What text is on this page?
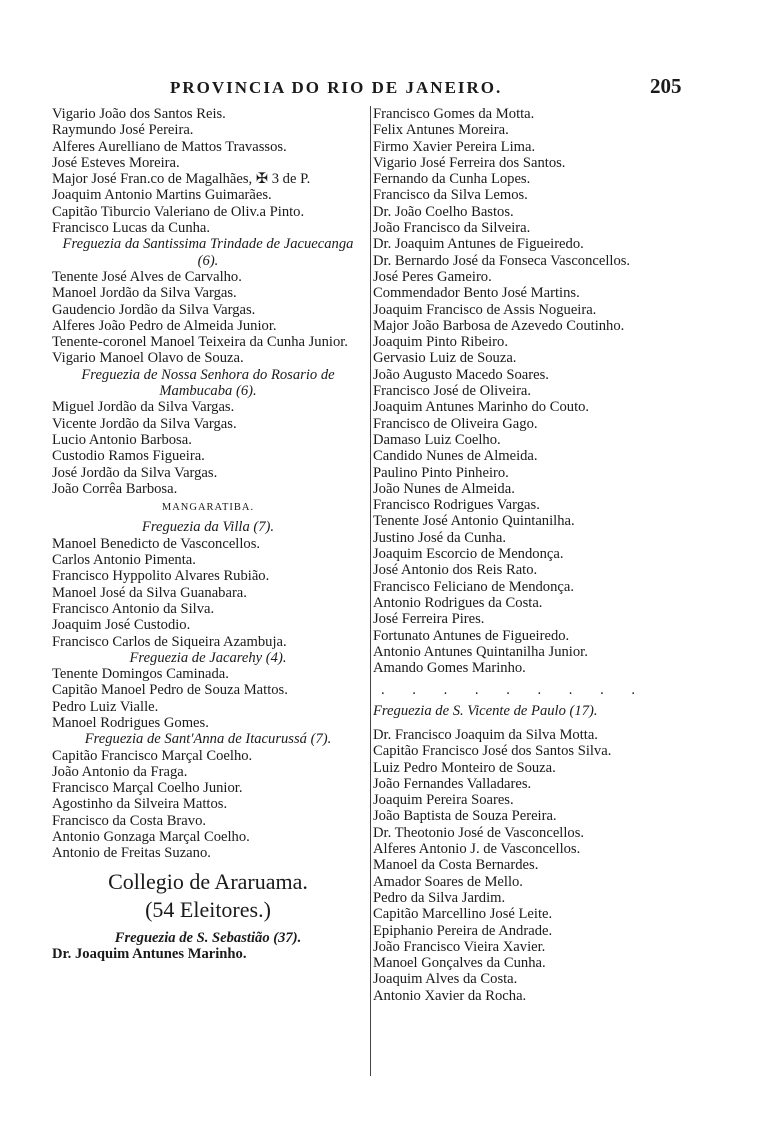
PROVINCIA DO RIO DE JANEIRO.	205
Vigario João dos Santos Reis.
Raymundo José Pereira.
Alferes Aurelliano de Mattos Travassos.
José Esteves Moreira.
Major José Fran.co de Magalhães, ✠ 3 de P.
Joaquim Antonio Martins Guimarães.
Capitão Tiburcio Valeriano de Oliv.a Pinto.
Francisco Lucas da Cunha.
Freguezia da Santissima Trindade de Jacuecanga (6).
Tenente José Alves de Carvalho.
Manoel Jordão da Silva Vargas.
Gaudencio Jordão da Silva Vargas.
Alferes João Pedro de Almeida Junior.
Tenente-coronel Manoel Teixeira da Cunha Junior.
Vigario Manoel Olavo de Souza.
Freguezia de Nossa Senhora do Rosario de Mambucaba (6).
Miguel Jordão da Silva Vargas.
Vicente Jordão da Silva Vargas.
Lucio Antonio Barbosa.
Custodio Ramos Figueira.
José Jordão da Silva Vargas.
João Corrêa Barbosa.
MANGARATIBA.
Freguezia da Villa (7).
Manoel Benedicto de Vasconcellos.
Carlos Antonio Pimenta.
Francisco Hyppolito Alvares Rubião.
Manoel José da Silva Guanabara.
Francisco Antonio da Silva.
Joaquim José Custodio.
Francisco Carlos de Siqueira Azambuja.
Freguezia de Jacarehy (4).
Tenente Domingos Caminada.
Capitão Manoel Pedro de Souza Mattos.
Pedro Luiz Vialle.
Manoel Rodrigues Gomes.
Freguezia de Sant'Anna de Itacurussá (7).
Capitão Francisco Marçal Coelho.
João Antonio da Fraga.
Francisco Marçal Coelho Junior.
Agostinho da Silveira Mattos.
Francisco da Costa Bravo.
Antonio Gonzaga Marçal Coelho.
Antonio de Freitas Suzano.
Collegio de Araruama.
(54 Eleitores.)
Freguezia de S. Sebastião (37).
Dr. Joaquim Antunes Marinho.
Francisco Gomes da Motta.
Felix Antunes Moreira.
Firmo Xavier Pereira Lima.
Vigario José Ferreira dos Santos.
Fernando da Cunha Lopes.
Francisco da Silva Lemos.
Dr. João Coelho Bastos.
João Francisco da Silveira.
Dr. Joaquim Antunes de Figueiredo.
Dr. Bernardo José da Fonseca Vasconcellos.
José Peres Gameiro.
Commendador Bento José Martins.
Joaquim Francisco de Assis Nogueira.
Major João Barbosa de Azevedo Coutinho.
Joaquim Pinto Ribeiro.
Gervasio Luiz de Souza.
João Augusto Macedo Soares.
Francisco José de Oliveira.
Joaquim Antunes Marinho do Couto.
Francisco de Oliveira Gago.
Damaso Luiz Coelho.
Candido Nunes de Almeida.
Paulino Pinto Pinheiro.
João Nunes de Almeida.
Francisco Rodrigues Vargas.
Tenente José Antonio Quintanilha.
Justino José da Cunha.
Joaquim Escorcio de Mendonça.
José Antonio dos Reis Rato.
Francisco Feliciano de Mendonça.
Antonio Rodrigues da Costa.
José Ferreira Pires.
Fortunato Antunes de Figueiredo.
Antonio Antunes Quintanilha Junior.
Amando Gomes Marinho.
. . . . . . . . .
Freguezia de S. Vicente de Paulo (17).
Dr. Francisco Joaquim da Silva Motta.
Capitão Francisco José dos Santos Silva.
Luiz Pedro Monteiro de Souza.
João Fernandes Valladares.
Joaquim Pereira Soares.
João Baptista de Souza Pereira.
Dr. Theotonio José de Vasconcellos.
Alferes Antonio J. de Vasconcellos.
Manoel da Costa Bernardes.
Amador Soares de Mello.
Pedro da Silva Jardim.
Capitão Marcellino José Leite.
Epiphanio Pereira de Andrade.
João Francisco Vieira Xavier.
Manoel Gonçalves da Cunha.
Joaquim Alves da Costa.
Antonio Xavier da Rocha.
